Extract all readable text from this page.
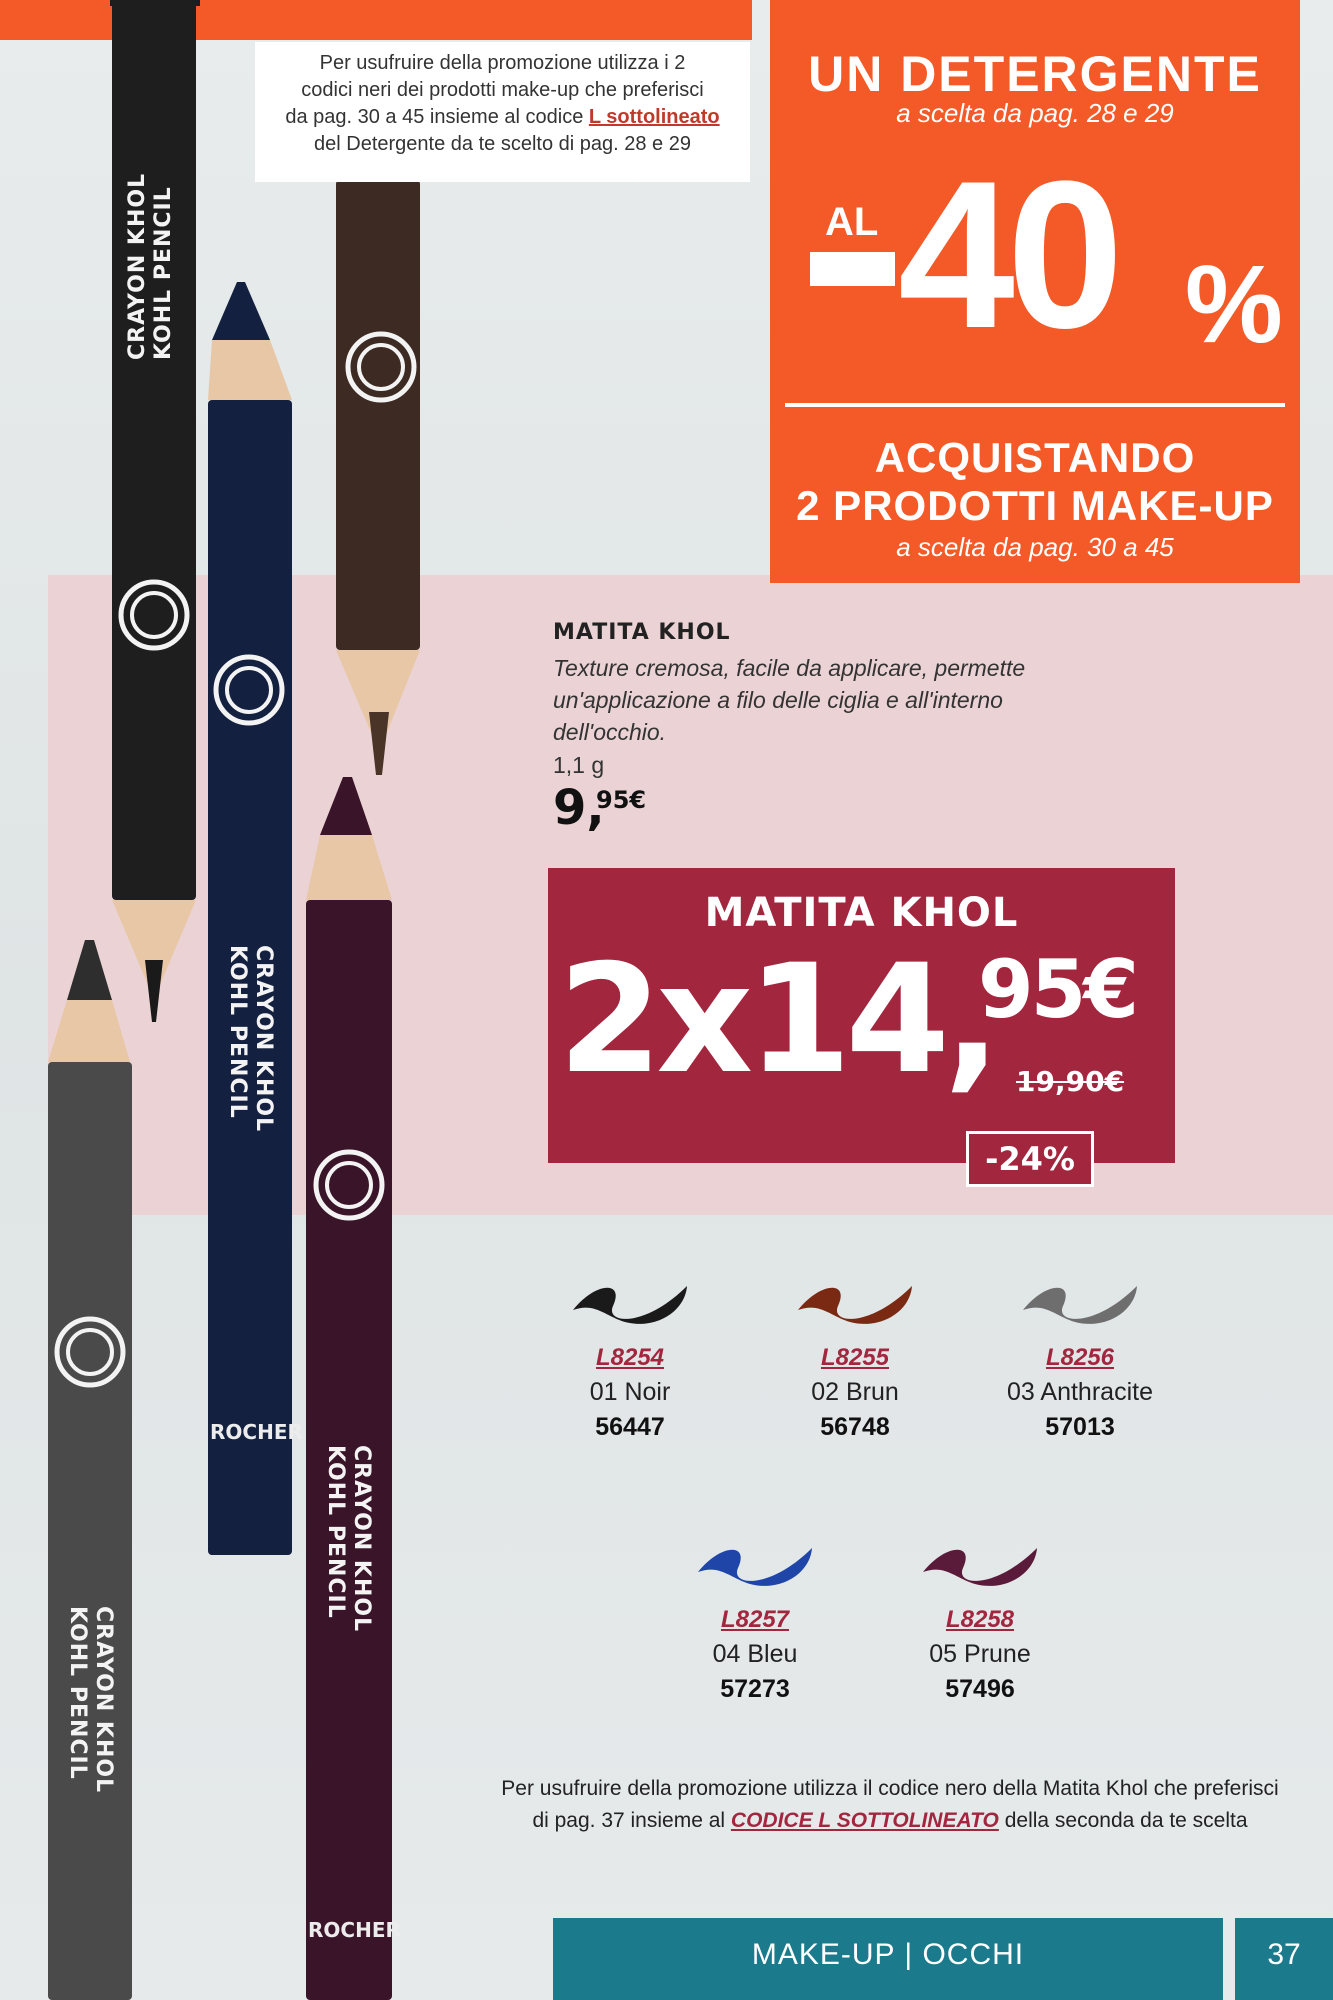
CRAYON KHOL KOHL PENCIL
CRAYON KHOL
KOHL PENCIL
CRAYON KHOL
KOHL PENCIL
CRAYON KHOL
KOHL PENCIL
ROCHER
ROCHER
Per usufruire della promozione utilizza i 2
codici neri dei prodotti make-up che preferisci
da pag. 30 a 45 insieme al codice L sottolineato
del Detergente da te scelto di pag. 28 e 29
UN DETERGENTE
a scelta da pag. 28 e 29
AL 40 %
ACQUISTANDO
2 PRODOTTI MAKE-UP
a scelta da pag. 30 a 45
MATITA KHOL
Texture cremosa, facile da applicare, permette un'applicazione a filo delle ciglia e all'interno dell'occhio.
1,1 g
9,
95€
MATITA KHOL
2x14,
95€
19,90€
-24%
L8254
01 Noir
56447
L8255
02 Brun
56748
L8256
03 Anthracite
57013
L8257
04 Bleu
57273
L8258
05 Prune
57496
Per usufruire della promozione utilizza il codice nero della Matita Khol che preferisci
di pag. 37 insieme al CODICE L SOTTOLINEATO della seconda da te scelta
MAKE-UP | OCCHI	37
